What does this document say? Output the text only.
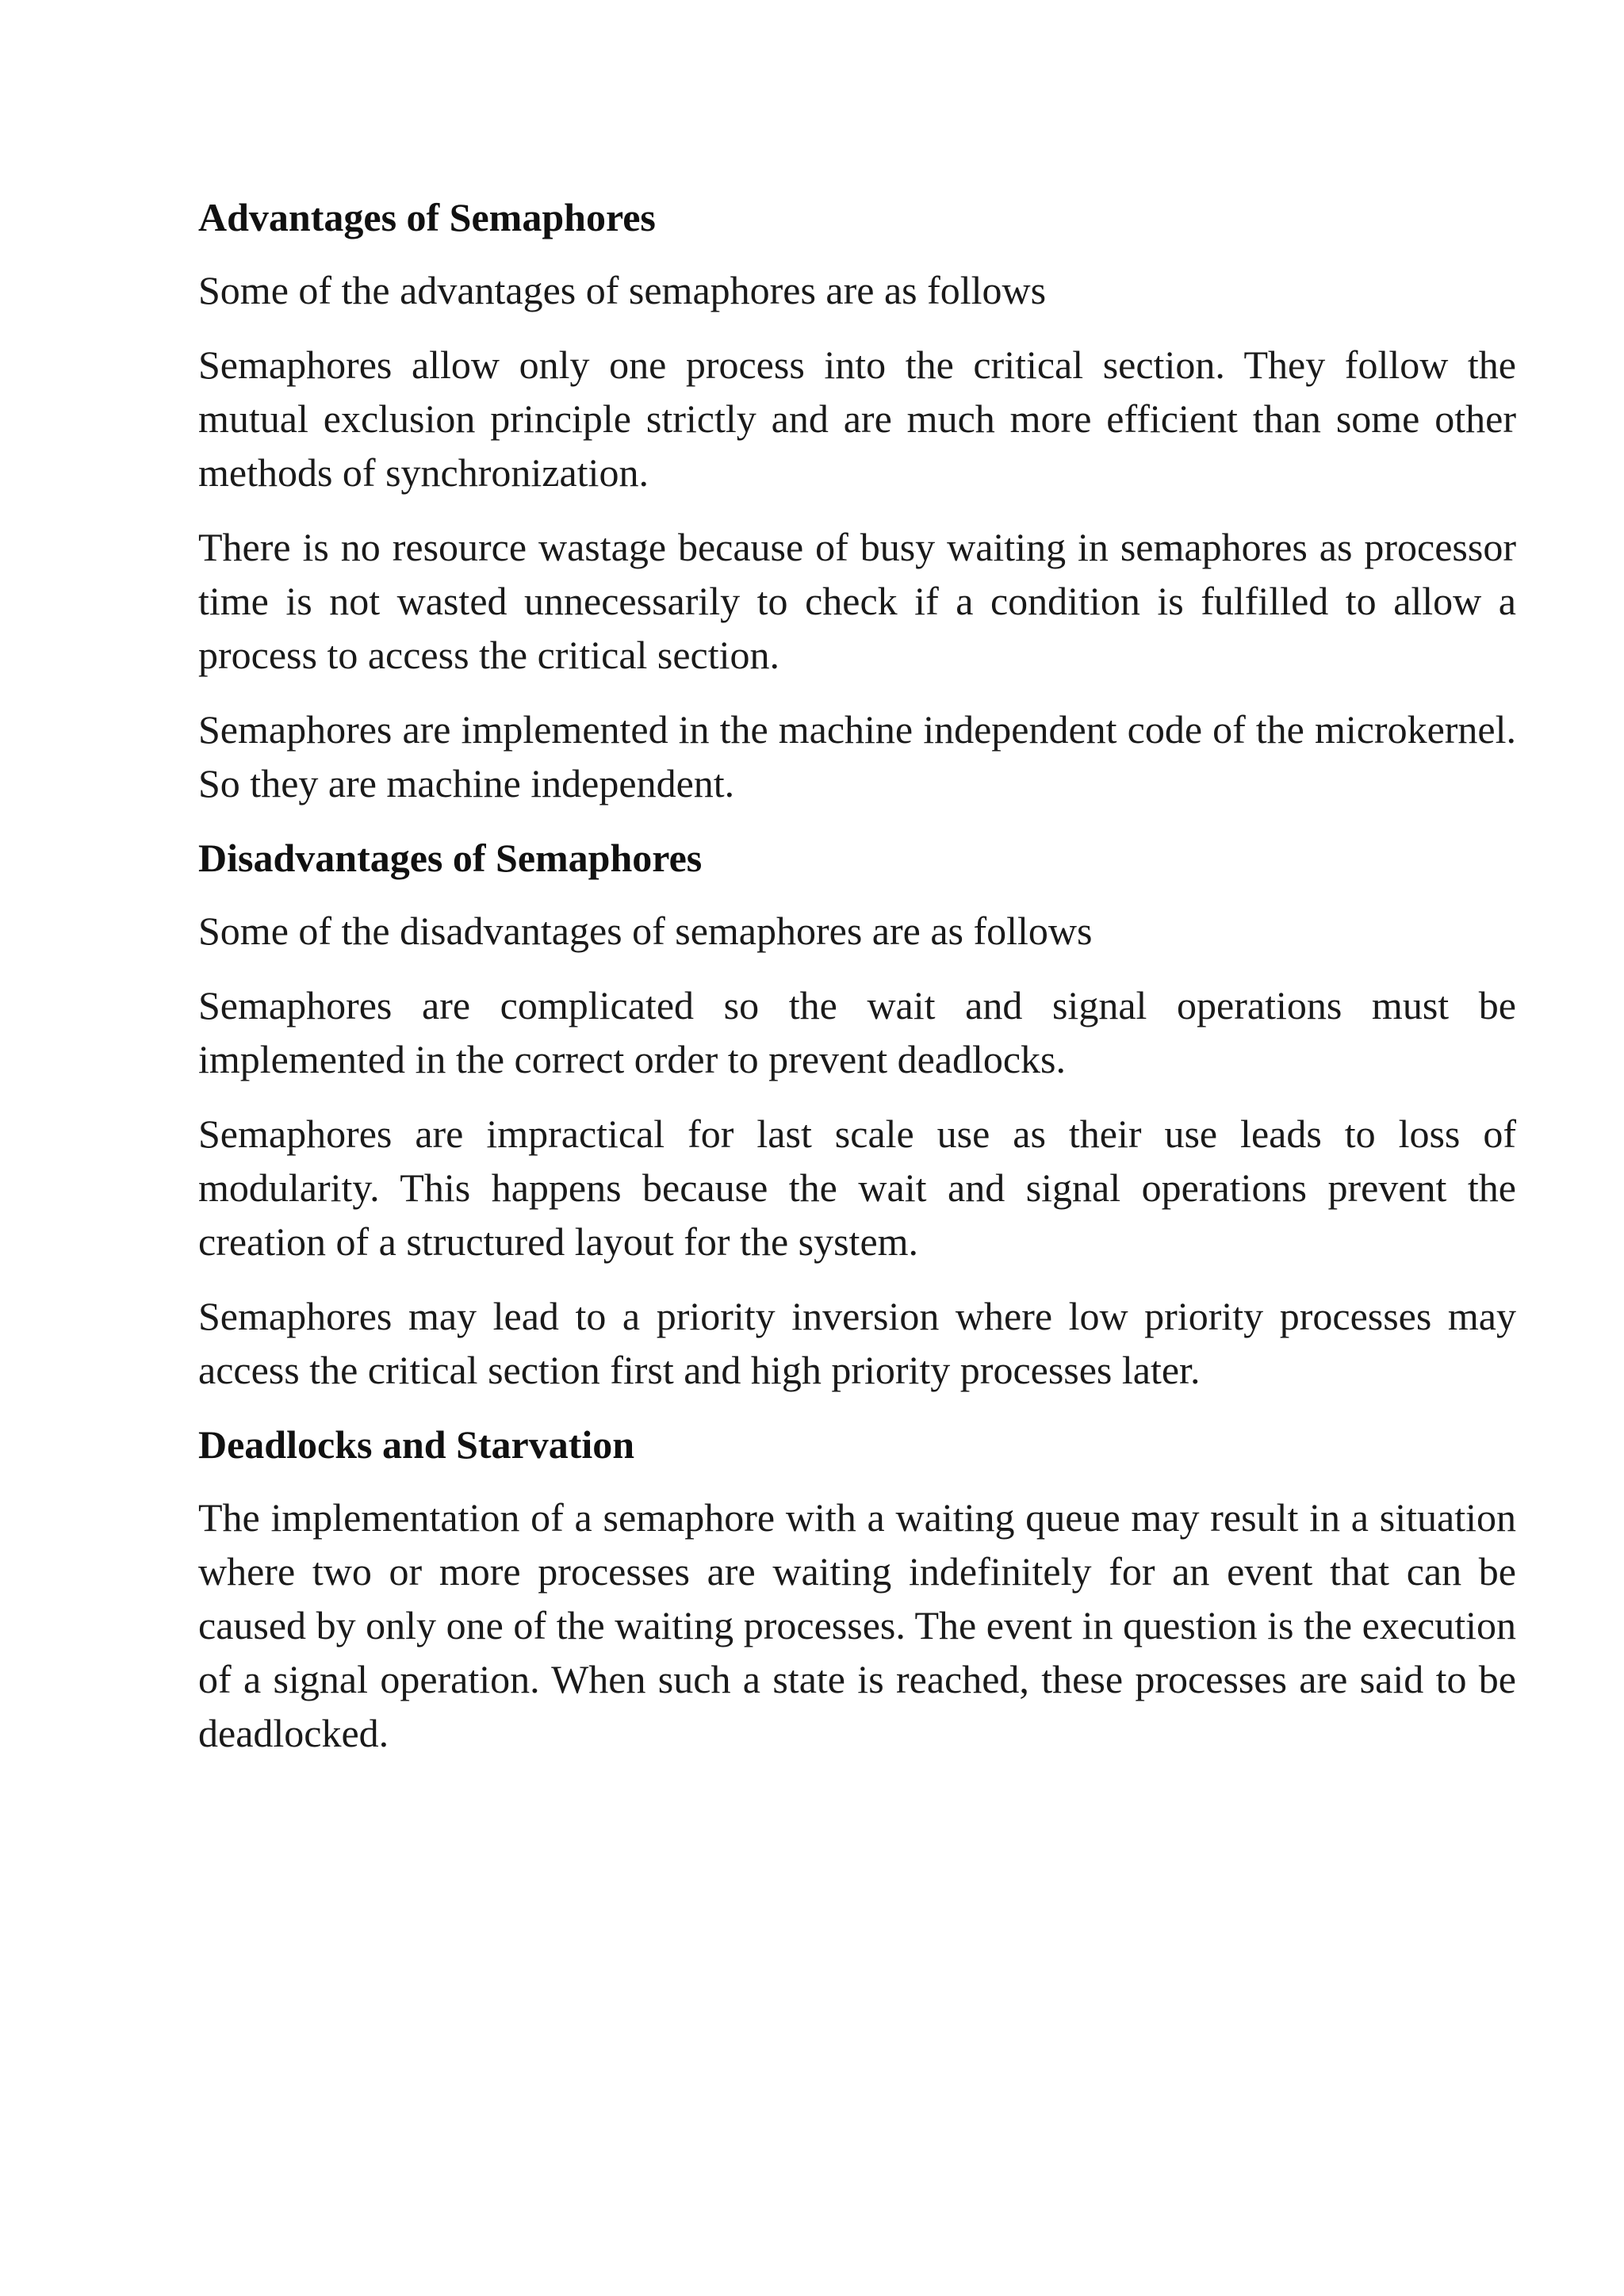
Advantages of Semaphores

Some of the advantages of semaphores are as follows

Semaphores allow only one process into the critical section. They follow the mutual exclusion principle strictly and are much more efficient than some other methods of synchronization.

There is no resource wastage because of busy waiting in semaphores as processor time is not wasted unnecessarily to check if a condition is fulfilled to allow a process to access the critical section.

Semaphores are implemented in the machine independent code of the microkernel. So they are machine independent.

Disadvantages of Semaphores

Some of the disadvantages of semaphores are as follows

Semaphores are complicated so the wait and signal operations must be implemented in the correct order to prevent deadlocks.

Semaphores are impractical for last scale use as their use leads to loss of modularity. This happens because the wait and signal operations prevent the creation of a structured layout for the system.

Semaphores may lead to a priority inversion where low priority processes may access the critical section first and high priority processes later.

Deadlocks and Starvation

The implementation of a semaphore with a waiting queue may result in a situation where two or more processes are waiting indefinitely for an event that can be caused by only one of the waiting processes. The event in question is the execution of a signal operation. When such a state is reached, these processes are said to be deadlocked.
